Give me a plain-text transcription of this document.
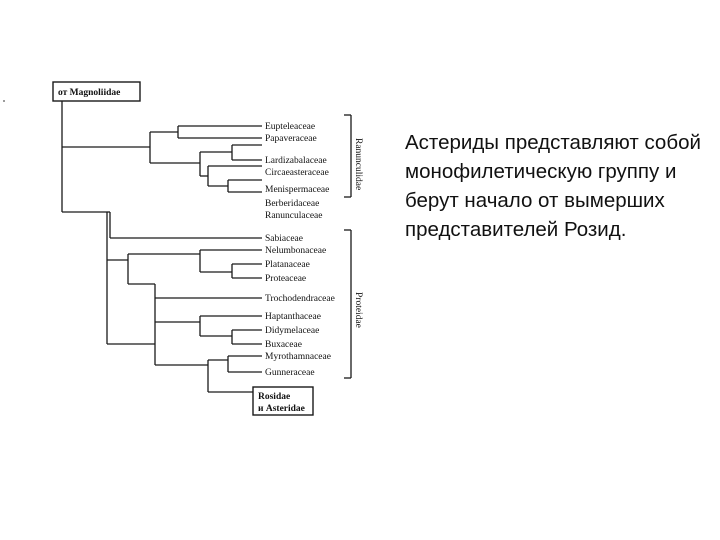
от Magnoliidae
Ranunculidae
Proteidae
Eupteleaceae
Papaveraceae
Lardizabalaceae
Circaeasteraceae
Menispermaceae
Berberidaceae
Ranunculaceae
Sabiaceae
Nelumbonaceae
Platanaceae
Proteaceae
Trochodendraceae
Haptanthaceae
Didymelaceae
Buxaceae
Myrothamnaceae
Gunneraceae
Rosidae
и Asteridae
Астериды представляют собой монофилетическую группу и берут начало от вымерших представителей Розид.
